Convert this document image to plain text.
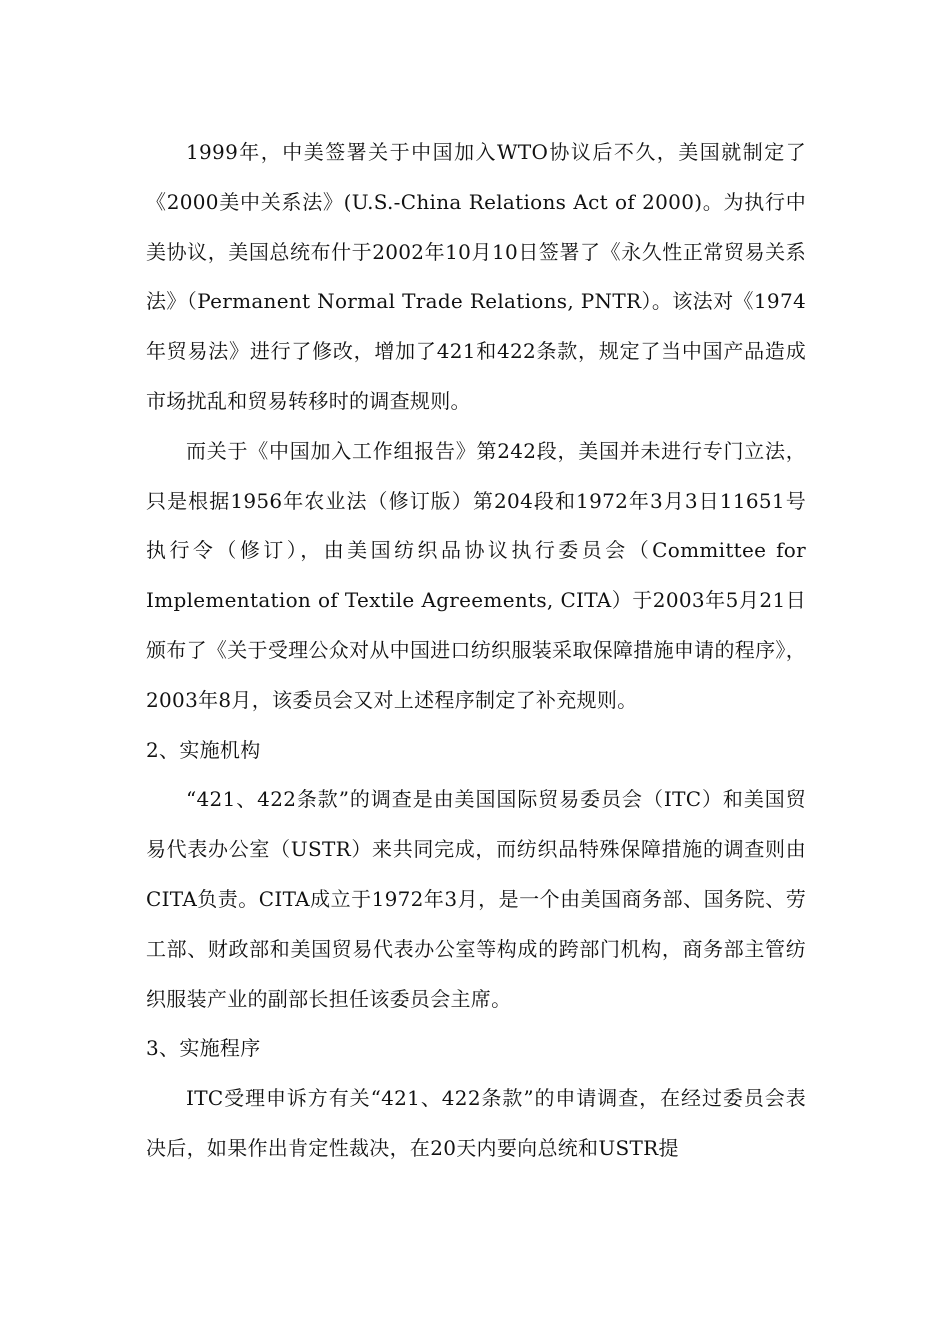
1999年，中美签署关于中国加入WTO协议后不久，美国就制定了《2000美中关系法》(U.S.-China Relations Act of 2000)。为执行中美协议，美国总统布什于2002年10月10日签署了《永久性正常贸易关系法》（Permanent Normal Trade Relations, PNTR）。该法对《1974年贸易法》进行了修改，增加了421和422条款，规定了当中国产品造成市场扰乱和贸易转移时的调查规则。

而关于《中国加入工作组报告》第242段，美国并未进行专门立法，只是根据1956年农业法（修订版）第204段和1972年3月3日11651号执行令（修订），由美国纺织品协议执行委员会（Committee for Implementation of Textile Agreements, CITA）于2003年5月21日颁布了《关于受理公众对从中国进口纺织服装采取保障措施申请的程序》，2003年8月，该委员会又对上述程序制定了补充规则。

2、实施机构

“421、422条款”的调查是由美国国际贸易委员会（ITC）和美国贸易代表办公室（USTR）来共同完成，而纺织品特殊保障措施的调查则由CITA负责。CITA成立于1972年3月，是一个由美国商务部、国务院、劳工部、财政部和美国贸易代表办公室等构成的跨部门机构，商务部主管纺织服装产业的副部长担任该委员会主席。

3、实施程序

ITC受理申诉方有关“421、422条款”的申请调查，在经过委员会表决后，如果作出肯定性裁决，在20天内要向总统和USTR提
